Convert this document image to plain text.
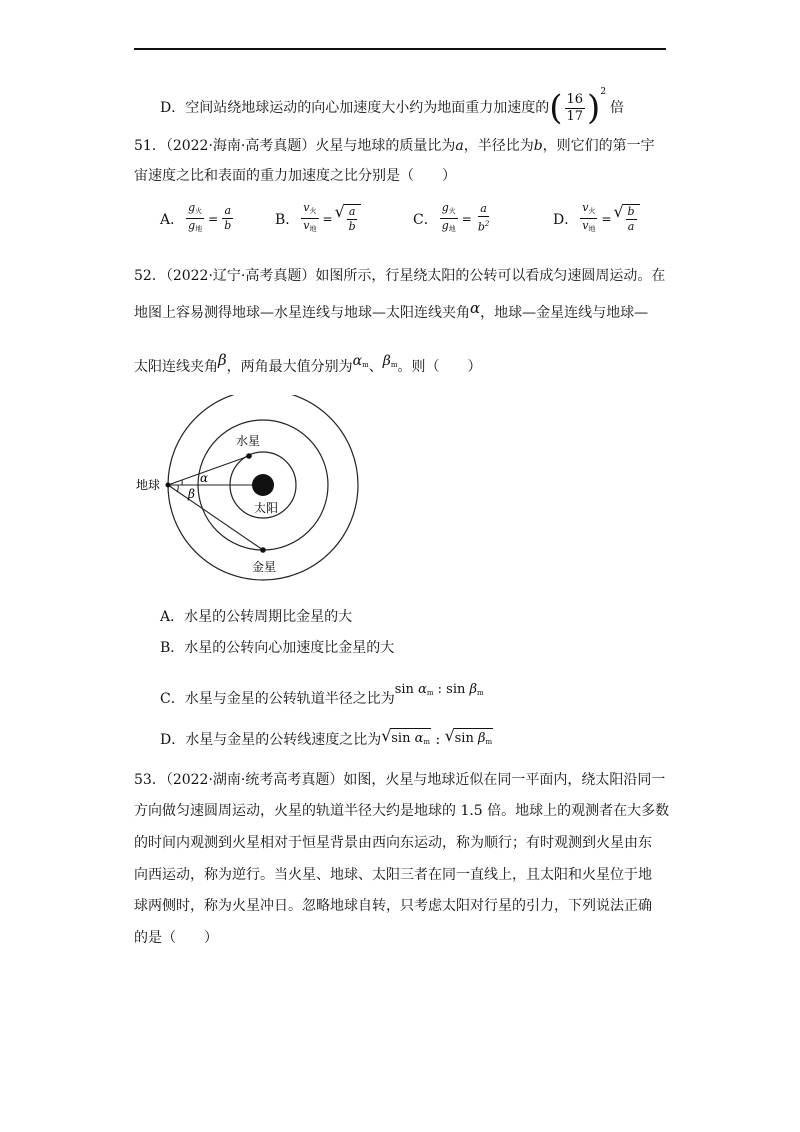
D．空间站绕地球运动的向心加速度大小约为地面重力加速度的( $\frac{16}{17} )^2$倍
51．（2022·海南·高考真题）火星与地球的质量比为a，半径比为b，则它们的第一宇
宙速度之比和表面的重力加速度之比分别是（　　）
A． $\frac{g_火}{g_地} = \frac{a}{b}$	B． $\frac{v_火}{v_地}$ = √ $\frac{a}{b}$	C． $\frac{g_火}{g_地} = \frac{a}{b^2}$	D． $\frac{v_火}{v_地}$ = √ $\frac{b}{a}$
52．（2022·辽宁·高考真题）如图所示，行星绕太阳的公转可以看成匀速圆周运动。在
地图上容易测得地球—水星连线与地球—太阳连线夹角α，地球—金星连线与地球—
太阳连线夹角β，两角最大值分别为$\alpha_m$、$\beta_m$。则（　　）
地球
水星
金星
太阳
α
β
A．水星的公转周期比金星的大
B．水星的公转向心加速度比金星的大
C．水星与金星的公转轨道半径之比为$\sin \alpha_m$ : $\sin \beta_m$
D．水星与金星的公转线速度之比为 √ $\sin \alpha_m$ : √ $\sin \beta_m$
53．（2022·湖南·统考高考真题）如图，火星与地球近似在同一平面内，绕太阳沿同一
方向做匀速圆周运动，火星的轨道半径大约是地球的 1.5 倍。地球上的观测者在大多数
的时间内观测到火星相对于恒星背景由西向东运动，称为顺行；有时观测到火星由东
向西运动，称为逆行。当火星、地球、太阳三者在同一直线上，且太阳和火星位于地
球两侧时，称为火星冲日。忽略地球自转，只考虑太阳对行星的引力，下列说法正确
的是（　　）
